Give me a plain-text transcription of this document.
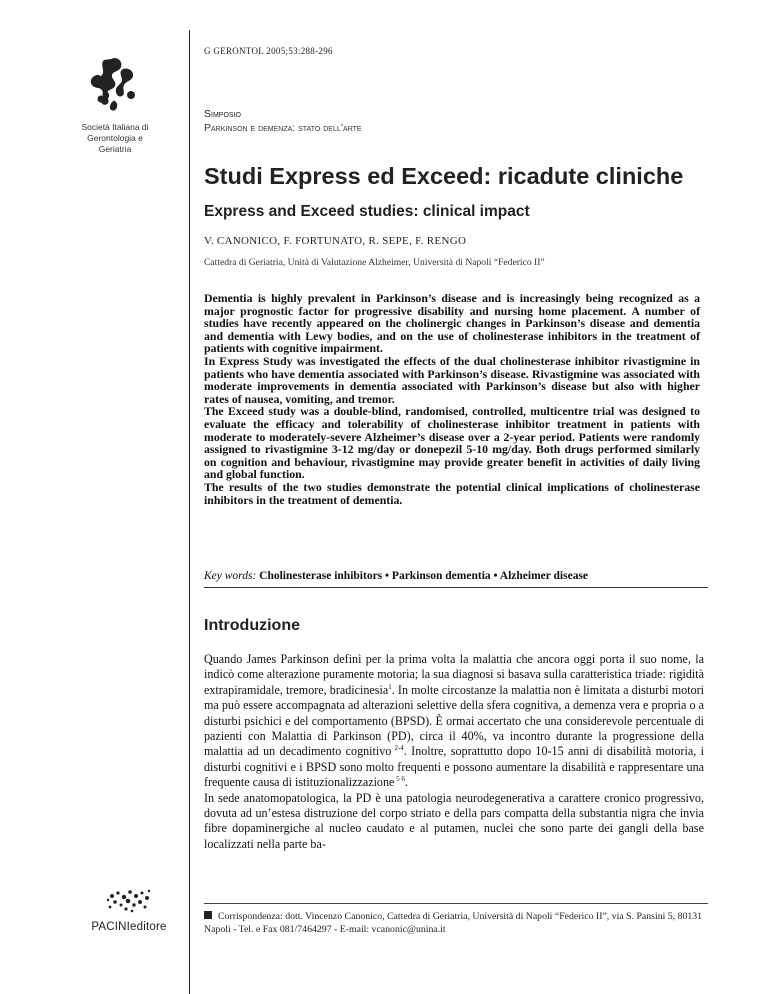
Società Italiana di
Gerontologia e
Geriatria
G GERONTOL 2005;53:288-296
Simposio
Parkinson e demenza: stato dell’arte
Studi Express ed Exceed: ricadute cliniche
Express and Exceed studies: clinical impact
V. CANONICO, F. FORTUNATO, R. SEPE, F. RENGO
Cattedra di Geriatria, Unità di Valutazione Alzheimer, Università di Napoli “Federico II”

Dementia is highly prevalent in Parkinson’s disease and is increasingly being recognized as a major prognostic factor for progressive disability and nursing home placement. A number of studies have recently appeared on the cholinergic changes in Parkinson’s disease and dementia and dementia with Lewy bodies, and on the use of cholinesterase inhibitors in the treatment of patients with cognitive impairment.

In Express Study was investigated the effects of the dual cholinesterase inhibitor rivastigmine in patients who have dementia associated with Parkinson’s disease. Rivastigmine was associated with moderate improvements in dementia associated with Parkinson’s disease but also with higher rates of nausea, vomiting, and tremor.

The Exceed study was a double-blind, randomised, controlled, multicentre trial was designed to evaluate the efficacy and tolerability of cholinesterase inhibitor treatment in patients with moderate to moderately-severe Alzheimer’s disease over a 2-year period. Patients were randomly assigned to rivastigmine 3-12 mg/day or donepezil 5-10 mg/day. Both drugs performed similarly on cognition and behaviour, rivastigmine may provide greater benefit in activities of daily living and global function.

The results of the two studies demonstrate the potential clinical implications of cholinesterase inhibitors in the treatment of dementia.

Key words: Cholinesterase inhibitors • Parkinson dementia • Alzheimer disease
Introduzione

Quando James Parkinson definì per la prima volta la malattia che ancora oggi porta il suo nome, la indicò come alterazione puramente motoria; la sua diagnosi si basava sulla caratteristica triade: rigidità extrapiramidale, tremore, bradicinesia$^1$. In molte circostanze la malattia non è limitata a disturbi motori ma può essere accompagnata ad alterazioni selettive della sfera cognitiva, a demenza vera e propria o a disturbi psichici e del comportamento (BPSD). È ormai accertato che una considerevole percentuale di pazienti con Malattia di Parkinson (PD), circa il 40%, va incontro durante la progressione della malattia ad un decadimento cognitivo $^{2-4}$. Inoltre, soprattutto dopo 10-15 anni di disabilità motoria, i disturbi cognitivi e i BPSD sono molto frequenti e possono aumentare la disabilità e rappresentare una frequente causa di istituzionalizzazione $^{5 6}$.

In sede anatomopatologica, la PD è una patologia neurodegenerativa a carattere cronico progressivo, dovuta ad un’estesa distruzione del corpo striato e della pars compatta della substantia nigra che invia fibre dopaminergiche al nucleo caudato e al putamen, nuclei che sono parte dei gangli della base localizzati nella parte ba-

Corrispondenza: dott. Vincenzo Canonico, Cattedra di Geriatria, Università di Napoli “Federico II”, via S. Pansini 5, 80131 Napoli - Tel. e Fax 081/7464297 - E-mail: vcanonic@unina.it
PACINIeditore
